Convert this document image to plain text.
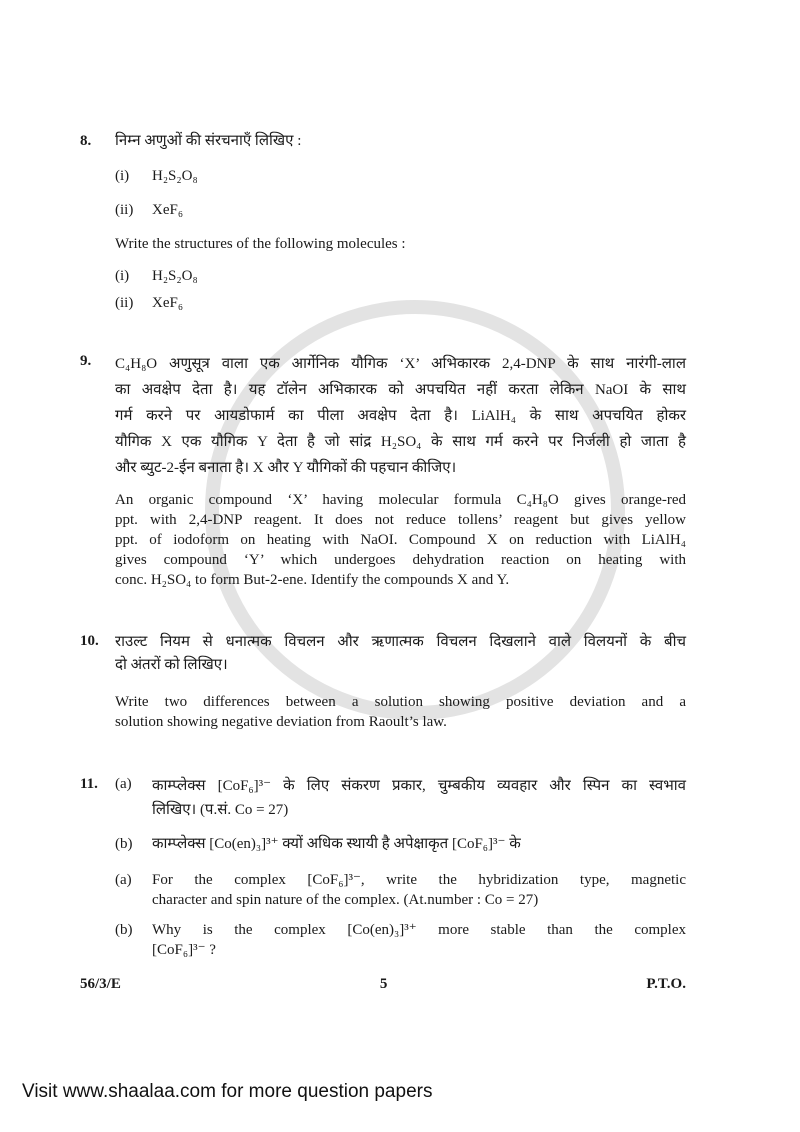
8.	निम्न अणुओं की संरचनाएँ लिखिए :
(i)	H₂S₂O₈
(ii)	XeF₆
Write the structures of the following molecules :
(i)	H₂S₂O₈
(ii)	XeF₆
9.	C₄H₈O अणुसूत्र वाला एक आर्गेनिक यौगिक ‘X’ अभिकारक 2,4-DNP के साथ नारंगी-लाल
का अवक्षेप देता है। यह टॉलेन अभिकारक को अपचयित नहीं करता लेकिन NaOI के साथ
गर्म करने पर आयडोफार्म का पीला अवक्षेप देता है। LiAlH₄ के साथ अपचयित होकर
यौगिक X एक यौगिक Y देता है जो सांद्र H₂SO₄ के साथ गर्म करने पर निर्जली हो जाता है
और ब्युट-2-ईन बनाता है। X और Y यौगिकों की पहचान कीजिए।
An organic compound ‘X’ having molecular formula C₄H₈O gives orange-red
ppt. with 2,4-DNP reagent. It does not reduce tollens’ reagent but gives yellow
ppt. of iodoform on heating with NaOI. Compound X on reduction with LiAlH₄
gives compound ‘Y’ which undergoes dehydration reaction on heating with
conc. H₂SO₄ to form But-2-ene. Identify the compounds X and Y.
10.	राउल्ट नियम से धनात्मक विचलन और ऋणात्मक विचलन दिखलाने वाले विलयनों के बीच
दो अंतरों को लिखिए।
Write two differences between a solution showing positive deviation and a
solution showing negative deviation from Raoult’s law.
11.	(a)	काम्प्लेक्स [CoF₆]³⁻ के लिए संकरण प्रकार, चुम्बकीय व्यवहार और स्पिन का स्वभाव
लिखिए। (प.सं. Co = 27)
(b)	काम्प्लेक्स [Co(en)₃]³⁺ क्यों अधिक स्थायी है अपेक्षाकृत [CoF₆]³⁻ के
(a)	For the complex [CoF₆]³⁻, write the hybridization type, magnetic
character and spin nature of the complex. (At.number : Co = 27)
(b)	Why is the complex [Co(en)₃]³⁺ more stable than the complex
[CoF₆]³⁻ ?
56/3/E	5	P.T.O.
Visit www.shaalaa.com for more question papers
